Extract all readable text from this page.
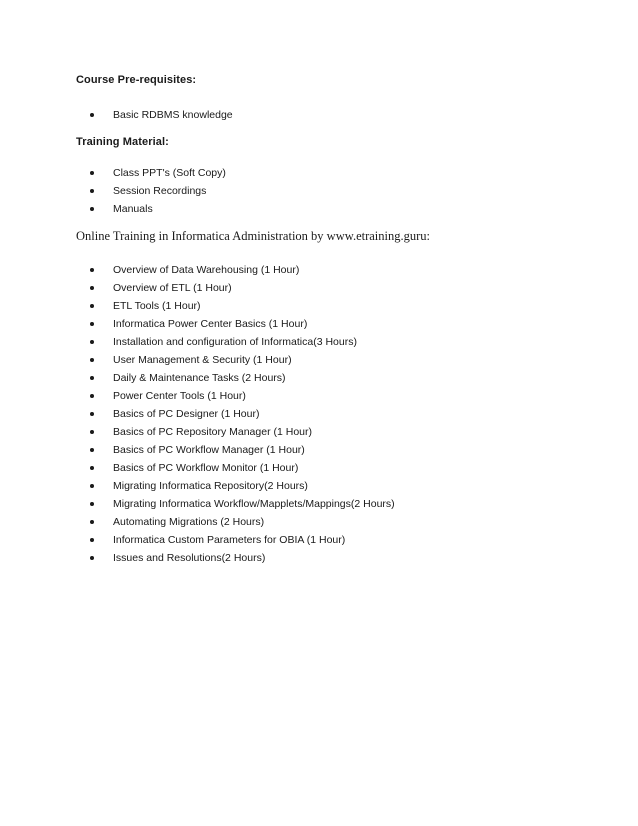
Course Pre-requisites:
Basic RDBMS knowledge
Training Material:
Class PPT's (Soft Copy)
Session Recordings
Manuals
Online Training in Informatica Administration by www.etraining.guru:
Overview of Data Warehousing (1 Hour)
Overview of ETL (1 Hour)
ETL Tools (1 Hour)
Informatica Power Center Basics (1 Hour)
Installation and configuration of Informatica(3 Hours)
User Management & Security (1 Hour)
Daily & Maintenance Tasks (2 Hours)
Power Center Tools (1 Hour)
Basics of PC Designer (1 Hour)
Basics of PC Repository Manager (1 Hour)
Basics of PC Workflow Manager (1 Hour)
Basics of PC Workflow Monitor (1 Hour)
Migrating Informatica Repository(2 Hours)
Migrating Informatica Workflow/Mapplets/Mappings(2 Hours)
Automating Migrations (2 Hours)
Informatica Custom Parameters for OBIA (1 Hour)
Issues and Resolutions(2 Hours)
